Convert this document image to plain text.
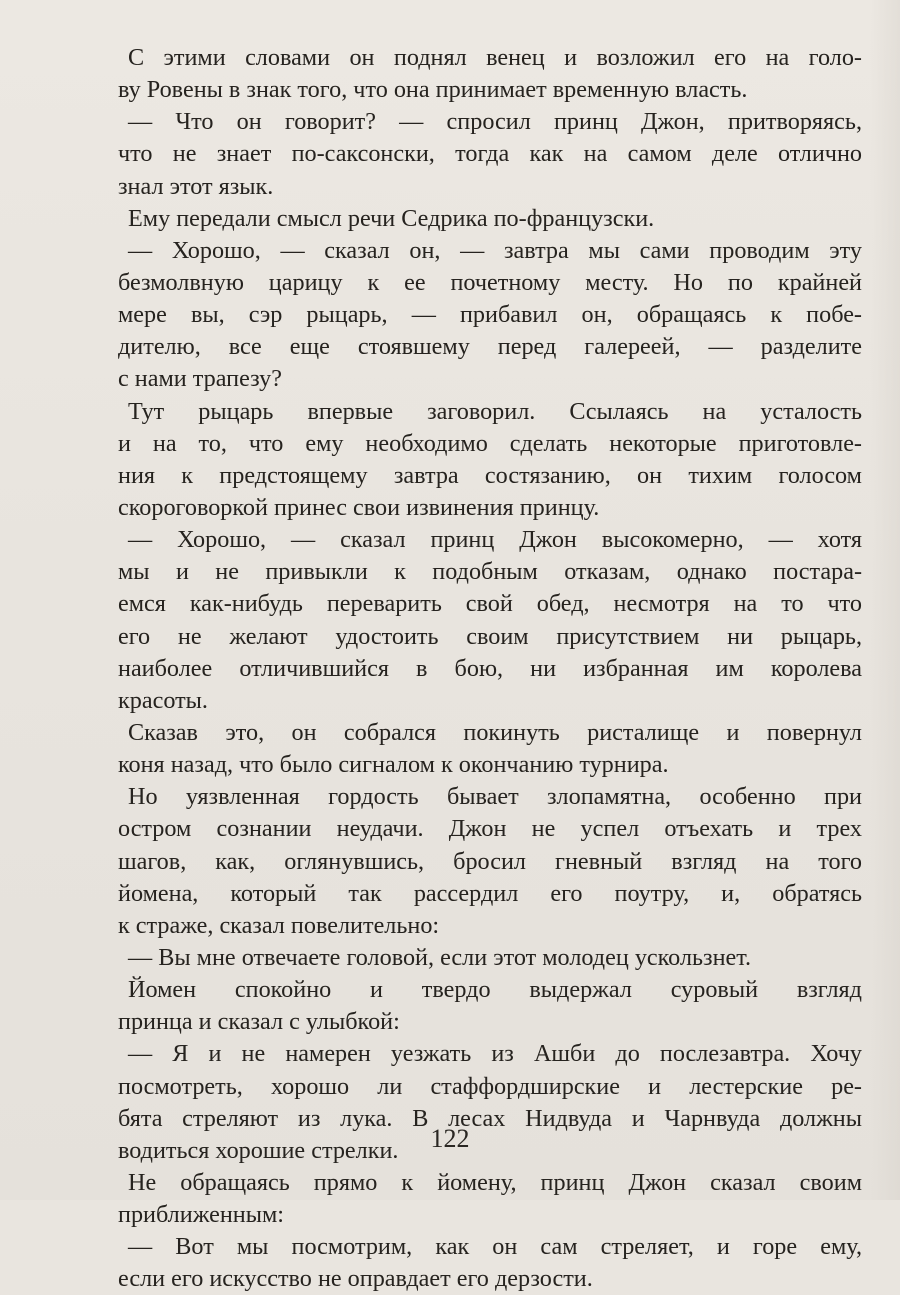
С этими словами он поднял венец и возложил его на голо-
ву Ровены в знак того, что она принимает временную власть.
— Что он говорит? — спросил принц Джон, притворяясь,
что не знает по-саксонски, тогда как на самом деле отлично
знал этот язык.
Ему передали смысл речи Седрика по-французски.
— Хорошо, — сказал он, — завтра мы сами проводим эту
безмолвную царицу к ее почетному месту. Но по крайней
мере вы, сэр рыцарь, — прибавил он, обращаясь к побе-
дителю, все еще стоявшему перед галереей, — разделите
с нами трапезу?
Тут рыцарь впервые заговорил. Ссылаясь на усталость
и на то, что ему необходимо сделать некоторые приготовле-
ния к предстоящему завтра состязанию, он тихим голосом
скороговоркой принес свои извинения принцу.
— Хорошо, — сказал принц Джон высокомерно, — хотя
мы и не привыкли к подобным отказам, однако постара-
емся как-нибудь переварить свой обед, несмотря на то что
его не желают удостоить своим присутствием ни рыцарь,
наиболее отличившийся в бою, ни избранная им королева
красоты.
Сказав это, он собрался покинуть ристалище и повернул
коня назад, что было сигналом к окончанию турнира.
Но уязвленная гордость бывает злопамятна, особенно при
остром сознании неудачи. Джон не успел отъехать и трех
шагов, как, оглянувшись, бросил гневный взгляд на того
йомена, который так рассердил его поутру, и, обратясь
к страже, сказал повелительно:
— Вы мне отвечаете головой, если этот молодец ускользнет.
Йомен спокойно и твердо выдержал суровый взгляд
принца и сказал с улыбкой:
— Я и не намерен уезжать из Ашби до послезавтра. Хочу
посмотреть, хорошо ли стаффордширские и лестерские ре-
бята стреляют из лука. В лесах Нидвуда и Чарнвуда должны
водиться хорошие стрелки.
Не обращаясь прямо к йомену, принц Джон сказал своим
приближенным:
— Вот мы посмотрим, как он сам стреляет, и горе ему,
если его искусство не оправдает его дерзости.
122
